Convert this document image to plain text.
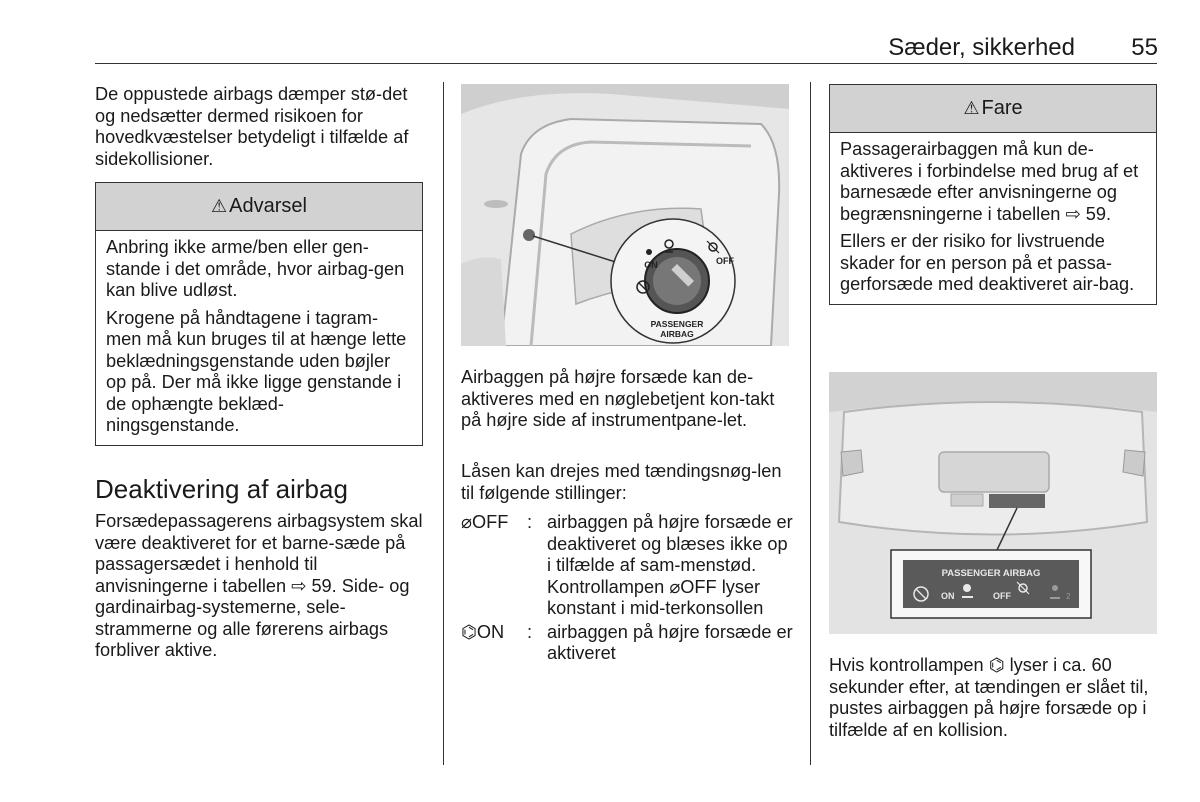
Sæder, sikkerhed	55

De oppustede airbags dæmper stø-det og nedsætter dermed risikoen for hovedkvæstelser betydeligt i tilfælde af sidekollisioner.

⚠ Advarsel

Anbring ikke arme/ben eller gen-stande i det område, hvor airbag-gen kan blive udløst.

Krogene på håndtagene i tagram-men må kun bruges til at hænge lette beklædningsgenstande uden bøjler op på. Der må ikke ligge genstande i de ophængte beklæd-ningsgenstande.

Deaktivering af airbag

Forsædepassagerens airbagsystem skal være deaktiveret for et barne-sæde på passagersædet i henhold til anvisningerne i tabellen ⇨ 59. Side- og gardinairbag-systemerne, sele-strammerne og alle førerens airbags forbliver aktive.

ON	OFF
PASSENGER
AIRBAG

Airbaggen på højre forsæde kan de-aktiveres med en nøglebetjent kon-takt på højre side af instrumentpane-let.

Låsen kan drejes med tændingsnøg-len til følgende stillinger:

⌀OFF	: airbaggen på højre forsæde er deaktiveret og blæses ikke op i tilfælde af sam-menstød. Kontrollampen ⌀OFF lyser konstant i mid-terkonsollen
⌬ON	: airbaggen på højre forsæde er aktiveret
⚠ Fare

Passagerairbaggen må kun de-aktiveres i forbindelse med brug af et barnesæde efter anvisningerne og begrænsningerne i tabellen ⇨ 59.

Ellers er der risiko for livstruende skader for en person på et passa-gerforsæde med deaktiveret air-bag.

PASSENGER AIRBAG
ON	OFF	2

Hvis kontrollampen ⌬ lyser i ca. 60 sekunder efter, at tændingen er slået til, pustes airbaggen på højre forsæde op i tilfælde af en kollision.
